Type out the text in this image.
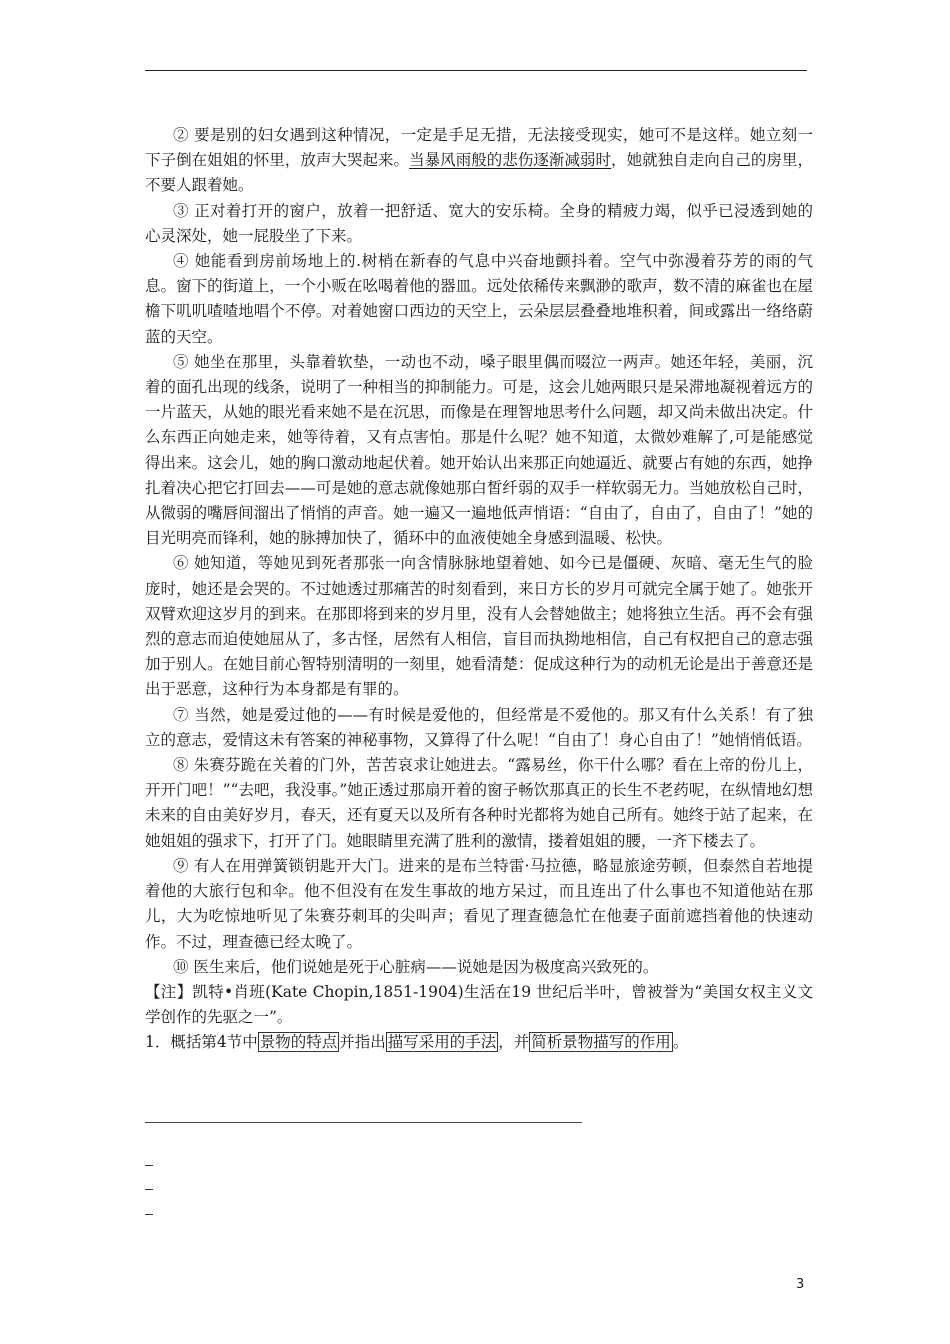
② 要是别的妇女遇到这种情况，一定是手足无措，无法接受现实，她可不是这样。她立刻一下子倒在姐姐的怀里，放声大哭起来。当暴风雨般的悲伤逐渐减弱时，她就独自走向自己的房里，不要人跟着她。

③ 正对着打开的窗户，放着一把舒适、宽大的安乐椅。全身的精疲力竭，似乎已浸透到她的心灵深处，她一屁股坐了下来。

④ 她能看到房前场地上的.树梢在新春的气息中兴奋地颤抖着。空气中弥漫着芬芳的雨的气息。窗下的街道上，一个小贩在吆喝着他的器皿。远处依稀传来飘渺的歌声，数不清的麻雀也在屋檐下叽叽喳喳地唱个不停。对着她窗口西边的天空上，云朵层层叠叠地堆积着，间或露出一络络蔚蓝的天空。

⑤ 她坐在那里，头靠着软垫，一动也不动，嗓子眼里偶而啜泣一两声。她还年轻，美丽，沉着的面孔出现的线条，说明了一种相当的抑制能力。可是，这会儿她两眼只是呆滞地凝视着远方的一片蓝天，从她的眼光看来她不是在沉思，而像是在理智地思考什么问题，却又尚未做出决定。什么东西正向她走来，她等待着，又有点害怕。那是什么呢？她不知道，太微妙难解了,可是能感觉得出来。这会儿，她的胸口激动地起伏着。她开始认出来那正向她逼近、就要占有她的东西，她挣扎着决心把它打回去——可是她的意志就像她那白皙纤弱的双手一样软弱无力。当她放松自己时，从微弱的嘴唇间溜出了悄悄的声音。她一遍又一遍地低声悄语：“自由了，自由了，自由了！”她的目光明亮而锋利，她的脉搏加快了，循环中的血液使她全身感到温暖、松快。

⑥ 她知道，等她见到死者那张一向含情脉脉地望着她、如今已是僵硬、灰暗、毫无生气的脸庞时，她还是会哭的。不过她透过那痛苦的时刻看到，来日方长的岁月可就完全属于她了。她张开双臂欢迎这岁月的到来。在那即将到来的岁月里，没有人会替她做主；她将独立生活。再不会有强烈的意志而迫使她屈从了，多古怪，居然有人相信，盲目而执拗地相信，自己有权把自己的意志强加于别人。在她目前心智特别清明的一刻里，她看清楚：促成这种行为的动机无论是出于善意还是出于恶意，这种行为本身都是有罪的。

⑦ 当然，她是爱过他的——有时候是爱他的，但经常是不爱他的。那又有什么关系！有了独立的意志，爱情这未有答案的神秘事物，又算得了什么呢！“自由了！身心自由了！”她悄悄低语。

⑧ 朱赛芬跪在关着的门外，苦苦哀求让她进去。“露易丝，你干什么哪？看在上帝的份儿上，开开门吧！”“去吧，我没事。”她正透过那扇开着的窗子畅饮那真正的长生不老药呢，在纵情地幻想未来的自由美好岁月，春天，还有夏天以及所有各种时光都将为她自己所有。她终于站了起来，在她姐姐的强求下，打开了门。她眼睛里充满了胜利的激情，搂着姐姐的腰，一齐下楼去了。

⑨ 有人在用弹簧锁钥匙开大门。进来的是布兰特雷·马拉德，略显旅途劳顿，但泰然自若地提着他的大旅行包和伞。他不但没有在发生事故的地方呆过，而且连出了什么事也不知道他站在那儿，大为吃惊地听见了朱赛芬刺耳的尖叫声；看见了理查德急忙在他妻子面前遮挡着他的快速动作。不过，理查德已经太晚了。

⑩ 医生来后，他们说她是死于心脏病——说她是因为极度高兴致死的。

【注】凯特•肖班(Kate Chopin,1851-1904)生活在19 世纪后半叶，曾被誉为“美国女权主义文学创作的先驱之一”。

1．概括第4节中 景物的特点 并指出 描写采用的手法 ，并 简析景物描写的作用 。

3
